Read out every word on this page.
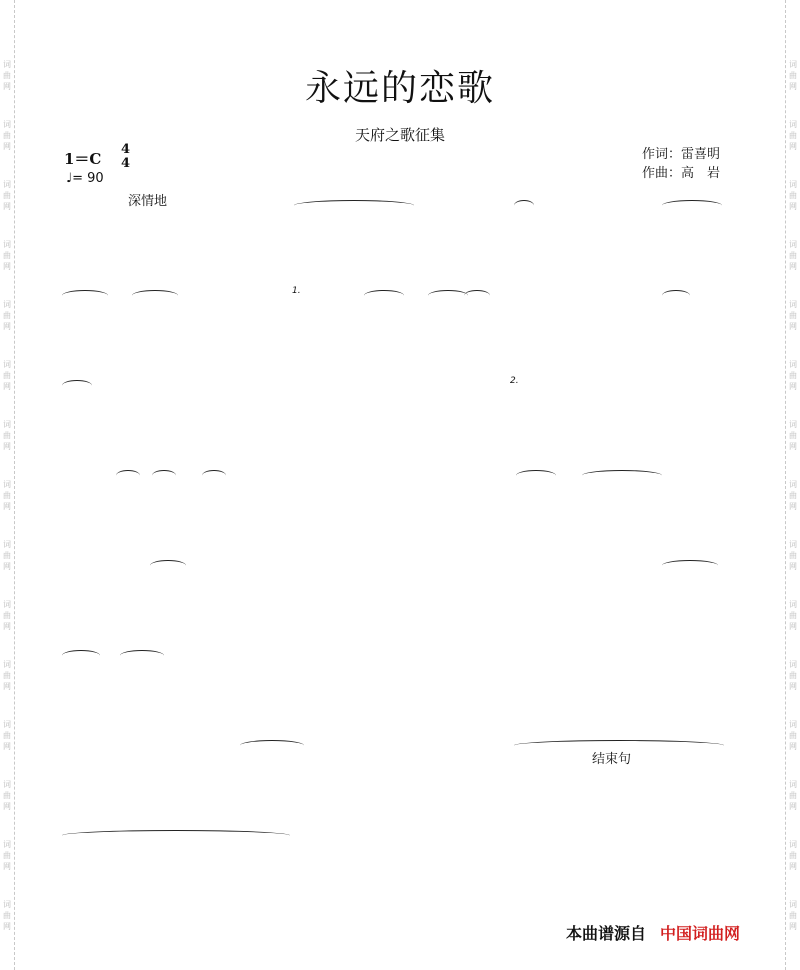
词
曲
网
词
曲
网
词
曲
网
词
曲
网
词
曲
网
词
曲
网
词
曲
网
词
曲
网
词
曲
网
词
曲
网
词
曲
网
词
曲
网
词
曲
网
词
曲
网
词
曲
网
词
曲
网
词
曲
网
词
曲
网
词
曲
网
词
曲
网
词
曲
网
词
曲
网
词
曲
网
词
曲
网
词
曲
网
词
曲
网
词
曲
网
词
曲
网
词
曲
网
词
曲
网
永远的恋歌
天府之歌征集
1＝C
4
4
♩= 90
作词：雷喜明
作曲：高　岩
本曲谱源自 中国词曲网
1.
2.
深情地
结束句
